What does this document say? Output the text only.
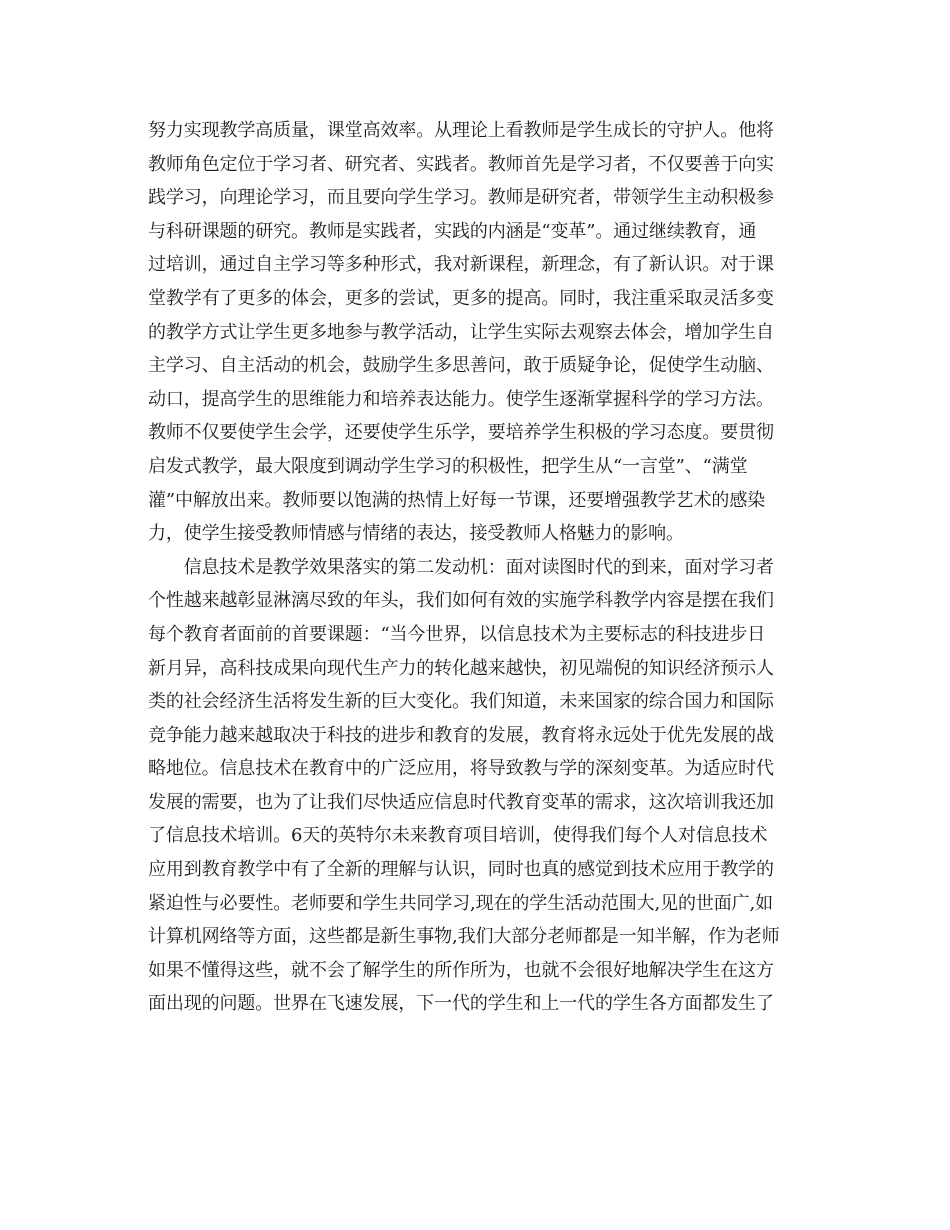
努力实现教学高质量，课堂高效率。从理论上看教师是学生成长的守护人。他将
教师角色定位于学习者、研究者、实践者。教师首先是学习者，不仅要善于向实
践学习，向理论学习，而且要向学生学习。教师是研究者，带领学生主动积极参
与科研课题的研究。教师是实践者，实践的内涵是“变革”。通过继续教育，通
过培训，通过自主学习等多种形式，我对新课程，新理念，有了新认识。对于课
堂教学有了更多的体会，更多的尝试，更多的提高。同时，我注重采取灵活多变
的教学方式让学生更多地参与教学活动，让学生实际去观察去体会，增加学生自
主学习、自主活动的机会，鼓励学生多思善问，敢于质疑争论，促使学生动脑、
动口，提高学生的思维能力和培养表达能力。使学生逐渐掌握科学的学习方法。
教师不仅要使学生会学，还要使学生乐学，要培养学生积极的学习态度。要贯彻
启发式教学，最大限度到调动学生学习的积极性，把学生从“一言堂”、“满堂
灌”中解放出来。教师要以饱满的热情上好每一节课，还要增强教学艺术的感染
力，使学生接受教师情感与情绪的表达，接受教师人格魅力的影响。
　　信息技术是教学效果落实的第二发动机：面对读图时代的到来，面对学习者
个性越来越彰显淋漓尽致的年头，我们如何有效的实施学科教学内容是摆在我们
每个教育者面前的首要课题：“当今世界，以信息技术为主要标志的科技进步日
新月异，高科技成果向现代生产力的转化越来越快，初见端倪的知识经济预示人
类的社会经济生活将发生新的巨大变化。我们知道，未来国家的综合国力和国际
竞争能力越来越取决于科技的进步和教育的发展，教育将永远处于优先发展的战
略地位。信息技术在教育中的广泛应用，将导致教与学的深刻变革。为适应时代
发展的需要，也为了让我们尽快适应信息时代教育变革的需求，这次培训我还加
了信息技术培训。6天的英特尔未来教育项目培训，使得我们每个人对信息技术
应用到教育教学中有了全新的理解与认识，同时也真的感觉到技术应用于教学的
紧迫性与必要性。老师要和学生共同学习,现在的学生活动范围大,见的世面广,如
计算机网络等方面，这些都是新生事物,我们大部分老师都是一知半解，作为老师
如果不懂得这些，就不会了解学生的所作所为，也就不会很好地解决学生在这方
面出现的问题。世界在飞速发展，下一代的学生和上一代的学生各方面都发生了
